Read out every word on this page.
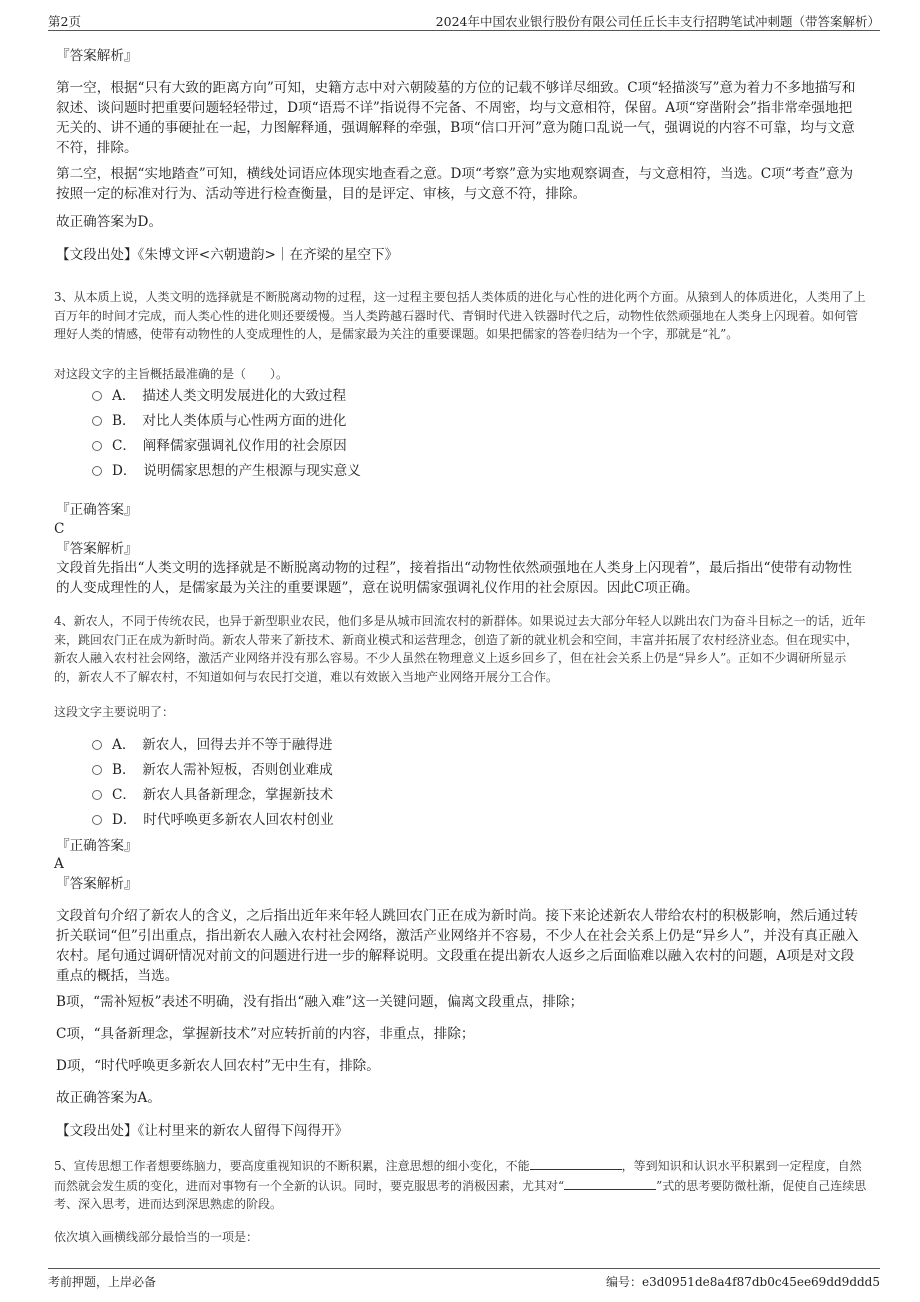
第2页	2024年中国农业银行股份有限公司任丘长丰支行招聘笔试冲刺题（带答案解析）

『答案解析』

第一空，根据“只有大致的距离方向”可知，史籍方志中对六朝陵墓的方位的记载不够详尽细致。C项“轻描淡写”意为着力不多地描写和叙述、谈问题时把重要问题轻轻带过，D项“语焉不详”指说得不完备、不周密，均与文意相符，保留。A项“穿凿附会”指非常牵强地把无关的、讲不通的事硬扯在一起，力图解释通，强调解释的牵强，B项“信口开河”意为随口乱说一气，强调说的内容不可靠，均与文意不符，排除。

第二空，根据“实地踏查”可知，横线处词语应体现实地查看之意。D项“考察”意为实地观察调查，与文意相符，当选。C项“考查”意为按照一定的标准对行为、活动等进行检查衡量，目的是评定、审核，与文意不符，排除。

故正确答案为D。

【文段出处】《朱博文评<六朝遗韵>｜在齐梁的星空下》

3、从本质上说，人类文明的选择就是不断脱离动物的过程，这一过程主要包括人类体质的进化与心性的进化两个方面。从猿到人的体质进化，人类用了上百万年的时间才完成，而人类心性的进化则还要缓慢。当人类跨越石器时代、青铜时代进入铁器时代之后，动物性依然顽强地在人类身上闪现着。如何管理好人类的情感，使带有动物性的人变成理性的人，是儒家最为关注的重要课题。如果把儒家的答卷归结为一个字，那就是“礼”。

对这段文字的主旨概括最准确的是（　　）。

A．　描述人类文明发展进化的大致过程
B．　对比人类体质与心性两方面的进化
C．　阐释儒家强调礼仪作用的社会原因
D．　说明儒家思想的产生根源与现实意义

『正确答案』

C

『答案解析』

文段首先指出“人类文明的选择就是不断脱离动物的过程”，接着指出“动物性依然顽强地在人类身上闪现着”，最后指出“使带有动物性的人变成理性的人，是儒家最为关注的重要课题”，意在说明儒家强调礼仪作用的社会原因。因此C项正确。

4、新农人，不同于传统农民，也异于新型职业农民，他们多是从城市回流农村的新群体。如果说过去大部分年轻人以跳出农门为奋斗目标之一的话，近年来，跳回农门正在成为新时尚。新农人带来了新技术、新商业模式和运营理念，创造了新的就业机会和空间，丰富并拓展了农村经济业态。但在现实中，新农人融入农村社会网络，激活产业网络并没有那么容易。不少人虽然在物理意义上返乡回乡了，但在社会关系上仍是“异乡人”。正如不少调研所显示的，新农人不了解农村，不知道如何与农民打交道，难以有效嵌入当地产业网络开展分工合作。

这段文字主要说明了：

A．　新农人，回得去并不等于融得进
B．　新农人需补短板，否则创业难成
C．　新农人具备新理念，掌握新技术
D．　时代呼唤更多新农人回农村创业

『正确答案』

A

『答案解析』

文段首句介绍了新农人的含义，之后指出近年来年轻人跳回农门正在成为新时尚。接下来论述新农人带给农村的积极影响，然后通过转折关联词“但”引出重点，指出新农人融入农村社会网络，激活产业网络并不容易，不少人在社会关系上仍是“异乡人”，并没有真正融入农村。尾句通过调研情况对前文的问题进行进一步的解释说明。文段重在提出新农人返乡之后面临难以融入农村的问题，A项是对文段重点的概括，当选。

B项，“需补短板”表述不明确，没有指出“融入难”这一关键问题，偏离文段重点，排除；

C项，“具备新理念，掌握新技术”对应转折前的内容，非重点，排除；

D项，“时代呼唤更多新农人回农村”无中生有，排除。

故正确答案为A。

【文段出处】《让村里来的新农人留得下闯得开》

5、宣传思想工作者想要练脑力，要高度重视知识的不断积累，注意思想的细小变化，不能	，等到知识和认识水平积累到一定程度，自然而然就会发生质的变化，进而对事物有一个全新的认识。同时，要克服思考的消极因素，尤其对“	”式的思考要防微杜渐，促使自己连续思考、深入思考，进而达到深思熟虑的阶段。

依次填入画横线部分最恰当的一项是：

考前押题，上岸必备	编号：e3d0951de8a4f87db0c45ee69dd9ddd5
